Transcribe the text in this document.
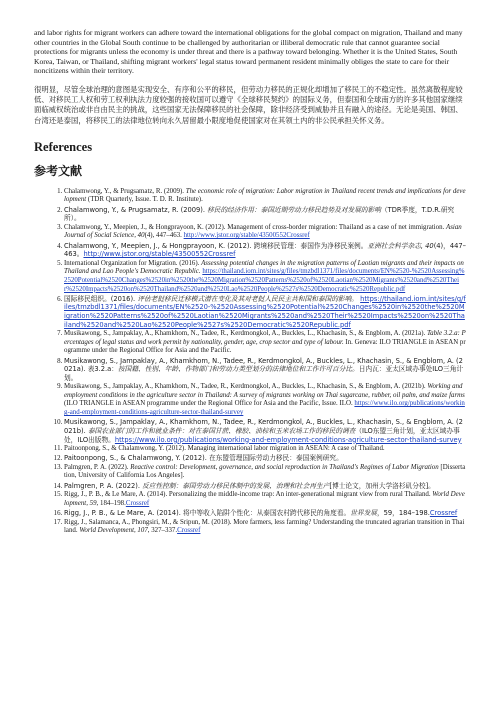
and labor rights for migrant workers can adhere toward the international obligations for the global compact on migration, Thailand and many other countries in the Global South continue to be challenged by authoritarian or illiberal democratic rule that cannot guarantee social protections for migrants unless the economy is under threat and there is a pathway toward belonging. Whether it is the United States, South Korea, Taiwan, or Thailand, shifting migrant workers' legal status toward permanent resident minimally obliges the state to care for their noncitizens within their territory.

很明显，尽管全球治理的意图是实现安全、有序和公平的移民，但劳动力移民的正规化却增加了移民工的不稳定性。虽然离散程度较低、对移民工人权和劳工权利执法力度较强的接收国可以遵守《全球移民契约》的国际义务，但泰国和全球南方的许多其他国家继续面临威权统治或非自由民主的挑战，这些国家无法保障移民的社会保障，除非经济受到威胁并且有融入的途径。无论是美国、韩国、台湾还是泰国，将移民工的法律地位转向永久居留最小限度地促使国家对在其领土内的非公民承担关怀义务。

References
参考文献
1. Chalamwong, Y., & Prugsamatz, R. (2009). The economic role of migration: Labor migration in Thailand recent trends and implications for development (TDR Quarterly, Issue. T. D. R. Institute).
2. Chalamwong, Y., & Prugsamatz, R. (2009). 移民的经济作用：泰国近期劳动力移民趋势及对发展的影响（TDR季度，T.D.R.研究所）。
3. Chalamwong, Y., Meepien, J., & Hongprayoon, K. (2012). Management of cross-border migration: Thailand as a case of net immigration. Asian Journal of Social Science, 40(4), 447–463. http://www.jstor.org/stable/43500552Crossref
4. Chalamwong, Y., Meepien, J., & Hongprayoon, K. (2012). 跨境移民管理：泰国作为净移民案例。亚洲社会科学杂志, 40(4)，447–463。http://www.jstor.org/stable/43500552Crossref
5. International Organization for Migration. (2016). Assessing potential changes in the migration patterns of Laotian migrants and their impacts on Thailand and Lao People's Democratic Republic. https://thailand.iom.int/sites/g/files/tmzbdl1371/files/documents/EN%2520-%2520Assessing%2520Potential%2520Changes%2520in%2520the%2520Migration%2520Patterns%2520of%2520Laotian%2520Migrants%2520and%2520Their%2520Impacts%2520on%2520Thailand%2520and%2520Lao%2520People%2527s%2520Democratic%2520Republic.pdf
6. 国际移民组织。(2016). 评估老挝移民迁移模式潜在变化及其对老挝人民民主共和国和泰国的影响。 https://thailand.iom.int/sites/g/files/tmzbdl1371/files/documents/EN%2520-%2520Assessing%2520Potential%2520Changes%2520in%2520the%2520Migration%2520Patterns%2520of%2520Laotian%2520Migrants%2520and%2520Their%2520Impacts%2520on%2520Thailand%2520and%2520Lao%2520People%2527s%2520Democratic%2520Republic.pdf
7. Musikawong, S., Jampaklay, A., Khamkhom, N., Tadee, R., Kerdmongkol, A., Buckles, L., Khachasin, S., & Engblom, A. (2021a). Table 3.2.a: Percentages of legal status and work permit by nationality, gender, age, crop sector and type of labour. In. Geneva: ILO TRIANGLE in ASEAN programme under the Regional Office for Asia and the Pacific.
8. Musikawong, S., Jampaklay, A., Khamkhom, N., Tadee, R., Kerdmongkol, A., Buckles, L., Khachasin, S., & Engblom, A. (2021a). 表3.2.a：按国籍、性别、年龄、作物部门和劳动力类型划分的法律地位和工作许可百分比。日内瓦：亚太区域办事处ILO三角计划。
9. Musikawong, S., Jampaklay, A., Khamkhom, N., Tadee, R., Kerdmongkol, A., Buckles, L., Khachasin, S., & Engblom, A. (2021b). Working and employment conditions in the agriculture sector in Thailand: A survey of migrants working on Thai sugarcane, rubber, oil palm, and maize farms (ILO TRIANGLE in ASEAN programme under the Regional Office for Asia and the Pacific, Issue. ILO. https://www.ilo.org/publications/working-and-employment-conditions-agriculture-sector-thailand-survey
10. Musikawong, S., Jampaklay, A., Khamkhom, N., Tadee, R., Kerdmongkol, A., Buckles, L., Khachasin, S., & Engblom, A. (2021b). 泰国农业部门的工作和就业条件：对在泰国甘蔗、橡胶、油棕和玉米农场工作的移民的调查（ILO东盟三角计划，亚太区域办事处，ILO出版物。https://www.ilo.org/publications/working-and-employment-conditions-agriculture-sector-thailand-survey
11. Paitoonpong, S., & Chalamwong, Y. (2012). Managing international labor migration in ASEAN: A case of Thailand.
12. Paitoonpong, S., & Chalamwong, Y. (2012). 在东盟管理国际劳动力移民：泰国案例研究。
13. Palmgren, P. A. (2022). Reactive control: Development, governance, and social reproduction in Thailand's Regimes of Labor Migration [Dissertation, University of California Los Angeles].
14. Palmgren, P. A. (2022). 反应性控制：泰国劳动力移民体制中的发展、治理和社会再生产[博士论文，加州大学洛杉矶分校]。
15. Rigg, J., P. B., & Le Mare, A. (2014). Personalizing the middle-income trap: An inter-generational migrant view from rural Thailand. World Development, 59, 184–198.Crossref
16. Rigg, J., P. B., & Le Mare, A. (2014). 将中等收入陷阱个性化：从泰国农村跨代移民的角度看。世界发展，59，184–198.Crossref
17. Rigg, J., Salamanca, A., Phongsiri, M., & Sripun, M. (2018). More farmers, less farming? Understanding the truncated agrarian transition in Thailand. World Development, 107, 327–337.Crossref
